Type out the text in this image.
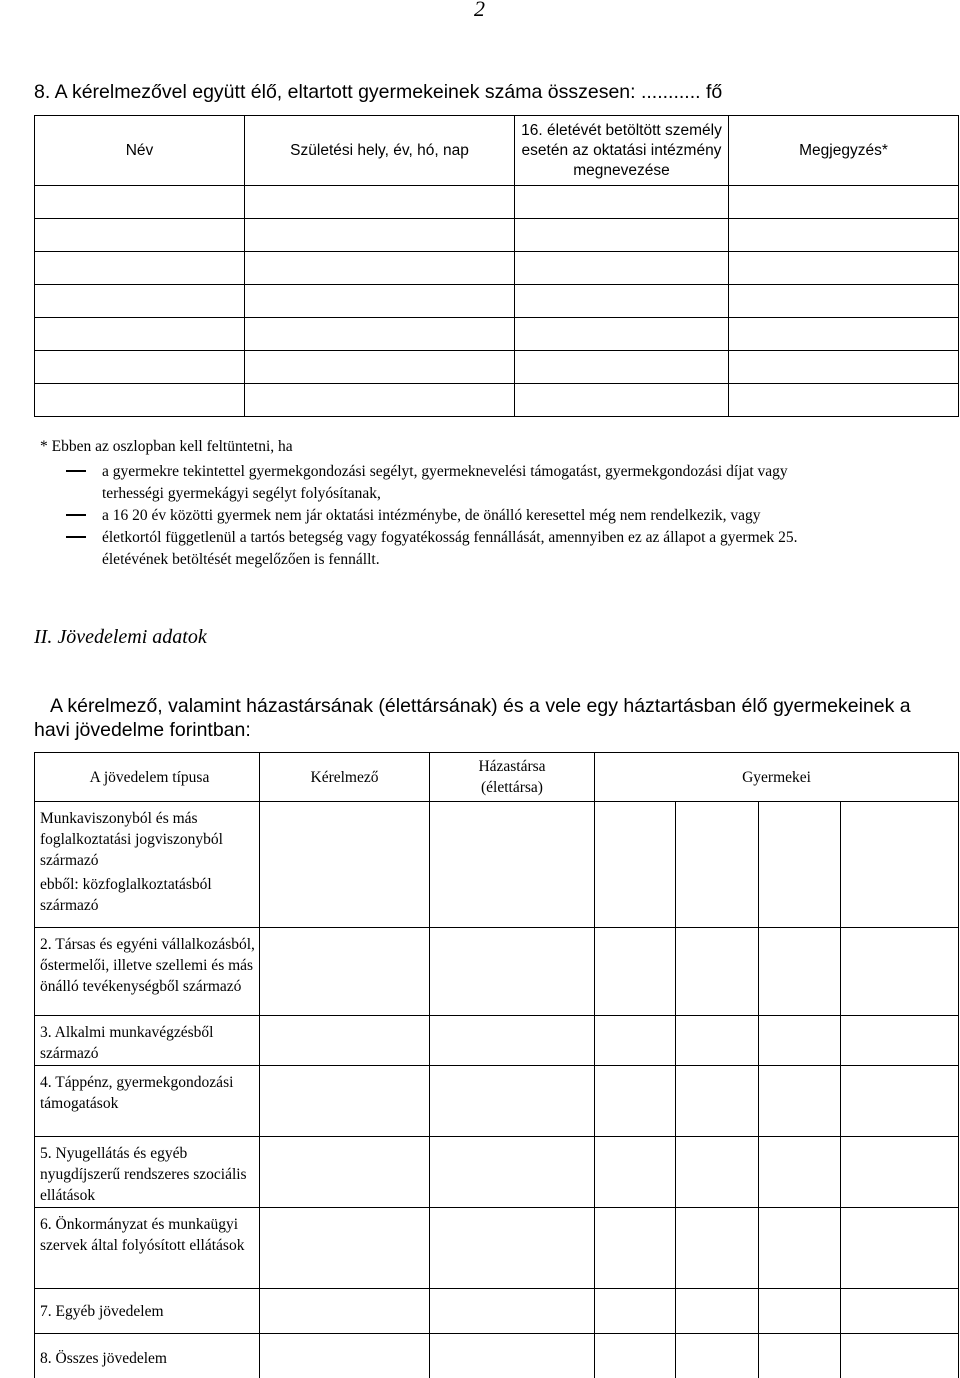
2
8. A kérelmezővel együtt élő, eltartott gyermekeinek száma összesen: ........... fő
Név	Születési hely, év, hó, nap	16. életévét betöltött személy esetén az oktatási intézmény megnevezése	Megjegyzés*

* Ebben az oszlopban kell feltüntetni, ha
a gyermekre tekintettel gyermekgondozási segélyt, gyermeknevelési támogatást, gyermekgondozási díjat vagy
terhességi gyermekágyi segélyt folyósítanak,
a 16 20 év közötti gyermek nem jár oktatási intézménybe, de önálló keresettel még nem rendelkezik, vagy
életkortól függetlenül a tartós betegség vagy fogyatékosság fennállását, amennyiben ez az állapot a gyermek 25.
életévének betöltését megelőzően is fennállt.
II. Jövedelemi adatok
A kérelmező, valamint házastársának (élettársának) és a vele egy háztartásban élő gyermekeinek a havi jövedelme forintban:
A jövedelem típusa	Kérelmező	Házastársa (élettársa)	Gyermekei			

Munkaviszonyból és más foglalkoztatási jogviszonyból származó
ebből: közfoglalkoztatásból származó						

2. Társas és egyéni vállalkozásból, őstermelői, illetve szellemi és más önálló tevékenységből származó						
3. Alkalmi munkavégzésből származó						
4. Táppénz, gyermekgondozási támogatások						
5. Nyugellátás és egyéb nyugdíjszerű rendszeres szociális ellátások						
6. Önkormányzat és munkaügyi szervek által folyósított ellátások						
7. Egyéb jövedelem						
8. Összes jövedelem						
